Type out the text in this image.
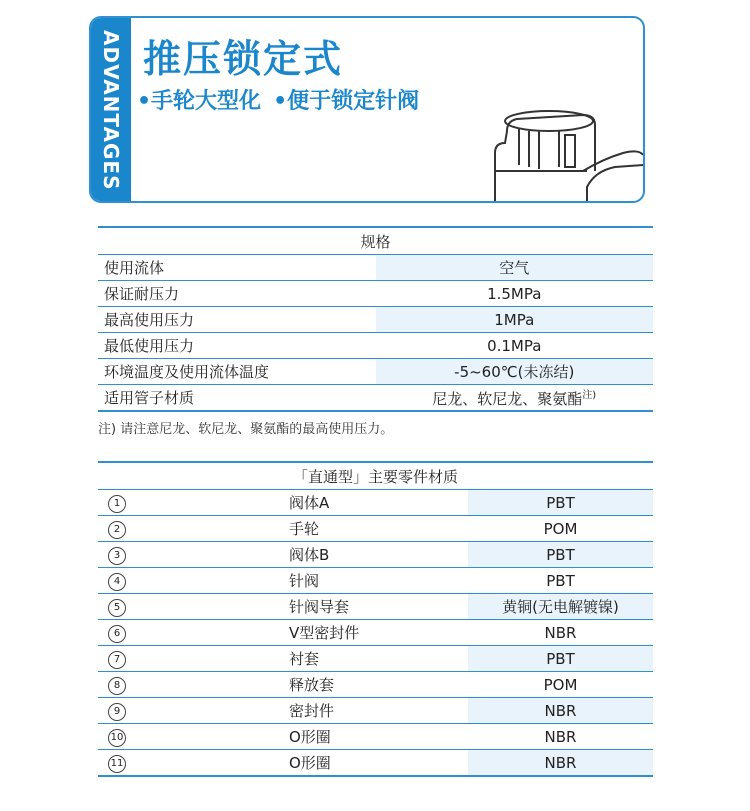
ADVANTAGES 推压锁定式
•手轮大型化 •便于锁定针阀
规格	
使用流体	空气
保证耐压力	1.5MPa
最高使用压力	1MPa
最低使用压力	0.1MPa
环境温度及使用流体温度	-5~60℃(未冻结)
适用管子材质	尼龙、软尼龙、聚氨酯$^{注)}$

注) 请注意尼龙、软尼龙、聚氨酯的最高使用压力。

「直通型」主要零件材质		
1	阀体A	PBT
2	手轮	POM
3	阀体B	PBT
4	针阀	PBT
5	针阀导套	黄铜(无电解镀镍)
6	V型密封件	NBR
7	衬套	PBT
8	释放套	POM
9	密封件	NBR
10	O形圈	NBR
11	O形圈	NBR
